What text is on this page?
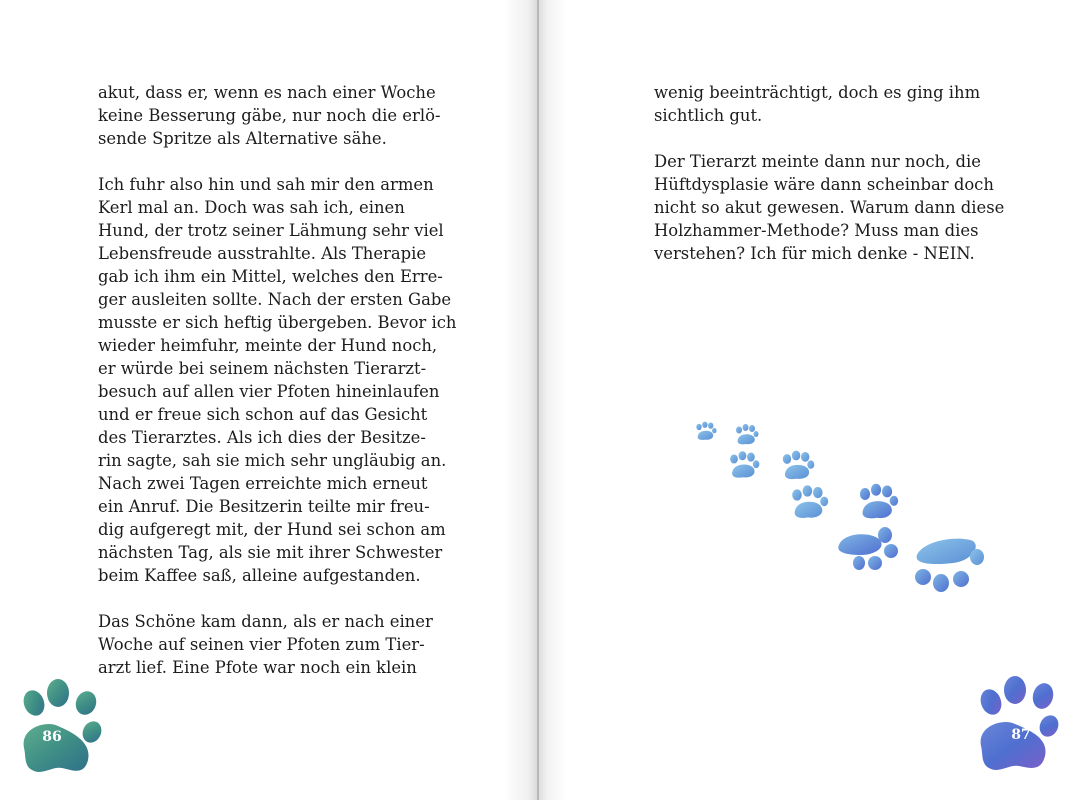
akut, dass er, wenn es nach einer Woche
keine Besserung gäbe, nur noch die erlö-
sende Spritze als Alternative sähe.
Ich fuhr also hin und sah mir den armen
Kerl mal an. Doch was sah ich, einen
Hund, der trotz seiner Lähmung sehr viel
Lebensfreude ausstrahlte. Als Therapie
gab ich ihm ein Mittel, welches den Erre-
ger ausleiten sollte. Nach der ersten Gabe
musste er sich heftig übergeben. Bevor ich
wieder heimfuhr, meinte der Hund noch,
er würde bei seinem nächsten Tierarzt-
besuch auf allen vier Pfoten hineinlaufen
und er freue sich schon auf das Gesicht
des Tierarztes. Als ich dies der Besitze-
rin sagte, sah sie mich sehr ungläubig an.
Nach zwei Tagen erreichte mich erneut
ein Anruf. Die Besitzerin teilte mir freu-
dig aufgeregt mit, der Hund sei schon am
nächsten Tag, als sie mit ihrer Schwester
beim Kaffee saß, alleine aufgestanden.
Das Schöne kam dann, als er nach einer
Woche auf seinen vier Pfoten zum Tier-
arzt lief. Eine Pfote war noch ein klein
86
wenig beeinträchtigt, doch es ging ihm
sichtlich gut.
Der Tierarzt meinte dann nur noch, die
Hüftdysplasie wäre dann scheinbar doch
nicht so akut gewesen. Warum dann diese
Holzhammer-Methode? Muss man dies
verstehen? Ich für mich denke - NEIN.
87
